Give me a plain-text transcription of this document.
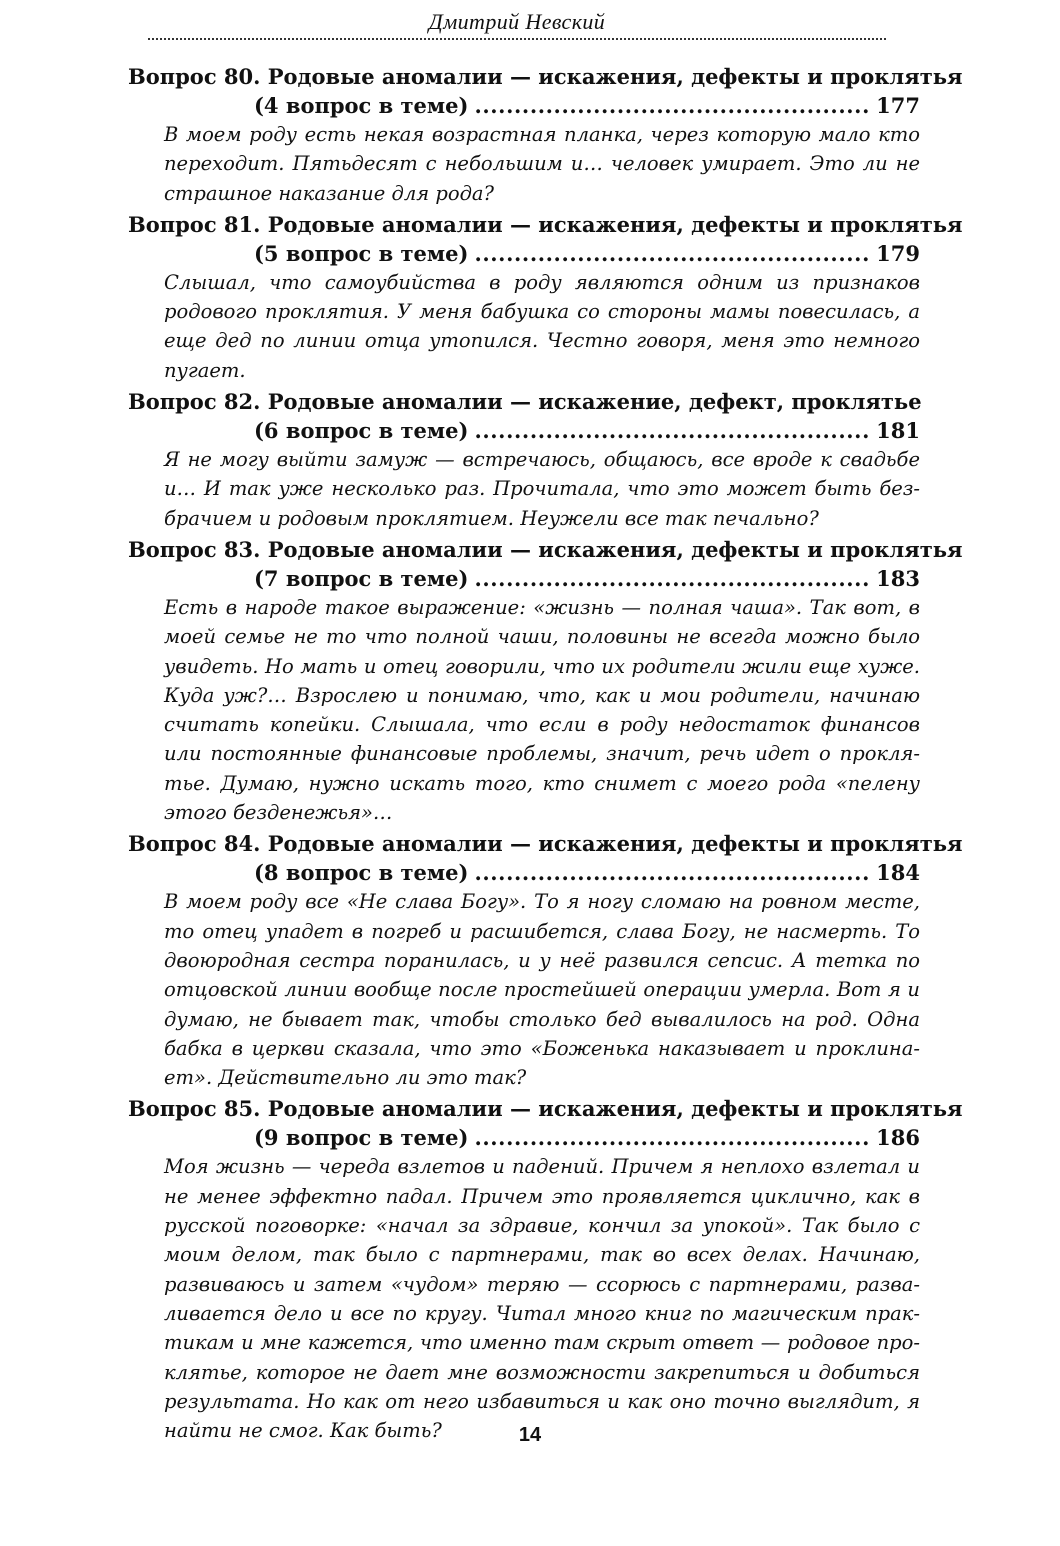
Дмитрий Невский
Вопрос 80. Родовые аномалии — искажения, дефекты и проклятья
(4 вопрос в теме) .....	177

В моем роду есть некая возрастная планка, через которую мало кто переходит. Пятьдесят с небольшим и… человек умирает. Это ли не страшное наказание для рода?

Вопрос 81. Родовые аномалии — искажения, дефекты и проклятья
(5 вопрос в теме) .....	179

Слышал, что самоубийства в роду являются одним из признаков родового проклятия. У меня бабушка со стороны мамы повесилась, а еще дед по линии отца утопился. Честно говоря, меня это немного пугает.

Вопрос 82. Родовые аномалии — искажение, дефект, проклятье
(6 вопрос в теме) .....	181

Я не могу выйти замуж — встречаюсь, общаюсь, все вроде к свадьбе и… И так уже несколько раз. Прочитала, что это может быть безбрачием и родовым проклятием. Неужели все так печально?

Вопрос 83. Родовые аномалии — искажения, дефекты и проклятья
(7 вопрос в теме) .....	183

Есть в народе такое выражение: «жизнь — полная чаша». Так вот, в моей семье не то что полной чаши, половины не всегда можно было увидеть. Но мать и отец говорили, что их родители жили еще хуже. Куда уж?… Взрослею и понимаю, что, как и мои родители, начинаю считать копейки. Слышала, что если в роду недостаток финансов или постоянные финансовые проблемы, значит, речь идет о проклятье. Думаю, нужно искать того, кто снимет с моего рода «пелену этого безденежья»…

Вопрос 84. Родовые аномалии — искажения, дефекты и проклятья
(8 вопрос в теме) .....	184

В моем роду все «Не слава Богу». То я ногу сломаю на ровном месте, то отец упадет в погреб и расшибется, слава Богу, не насмерть. То двоюродная сестра поранилась, и у неё развился сепсис. А тетка по отцовской линии вообще после простейшей операции умерла. Вот я и думаю, не бывает так, чтобы столько бед вывалилось на род. Одна бабка в церкви сказала, что это «Боженька наказывает и проклинает». Действительно ли это так?

Вопрос 85. Родовые аномалии — искажения, дефекты и проклятья
(9 вопрос в теме) .....	186

Моя жизнь — череда взлетов и падений. Причем я неплохо взлетал и не менее эффектно падал. Причем это проявляется циклично, как в русской поговорке: «начал за здравие, кончил за упокой». Так было с моим делом, так было с партнерами, так во всех делах. Начинаю, развиваюсь и затем «чудом» теряю — ссорюсь с партнерами, разваливается дело и все по кругу. Читал много книг по магическим практикам и мне кажется, что именно там скрыт ответ — родовое проклятье, которое не дает мне возможности закрепиться и добиться результата. Но как от него избавиться и как оно точно выглядит, я найти не смог. Как быть?	14
